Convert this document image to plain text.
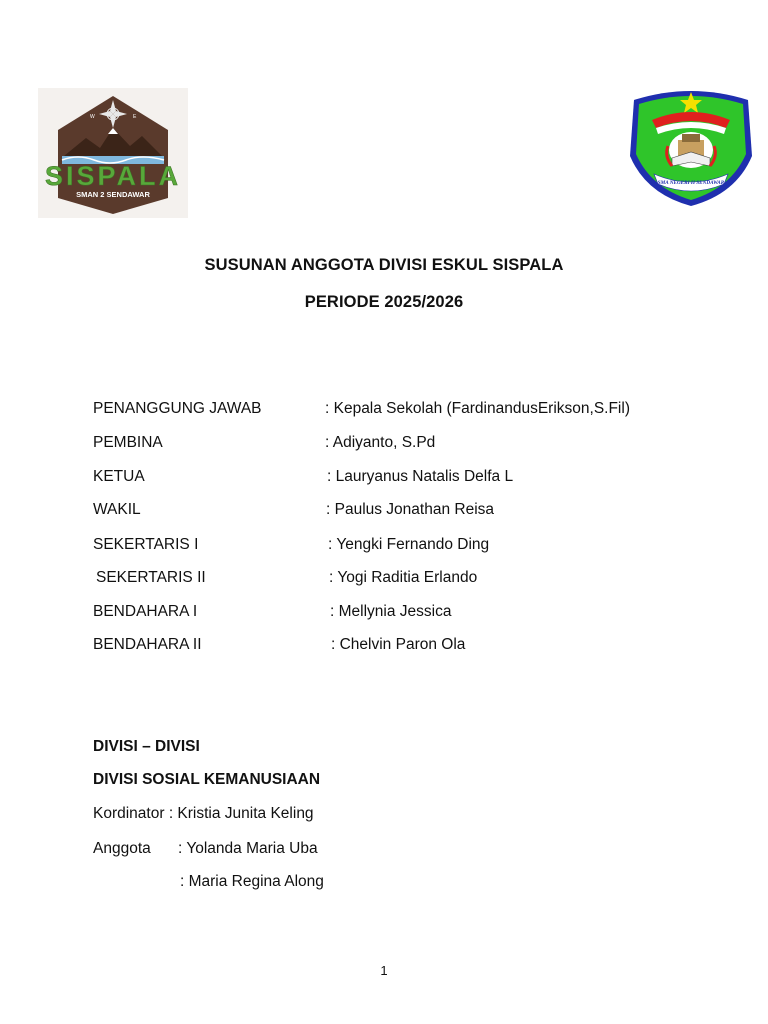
W	E
SISPALA
SMAN 2 SENDAWAR
SMA NEGERI II SENDAWAR
SUSUNAN ANGGOTA DIVISI ESKUL SISPALA
PERIODE 2025/2026
PENANGGUNG JAWAB	: Kepala Sekolah (FardinandusErikson,S.Fil)
PEMBINA	: Adiyanto, S.Pd
KETUA	: Lauryanus Natalis Delfa L
WAKIL	: Paulus Jonathan Reisa
SEKERTARIS I	: Yengki Fernando Ding
SEKERTARIS II	: Yogi Raditia Erlando
BENDAHARA I	: Mellynia Jessica
BENDAHARA II	: Chelvin Paron Ola
DIVISI – DIVISI
DIVISI SOSIAL KEMANUSIAAN
Kordinator : Kristia Junita Keling
Anggota : Yolanda Maria Uba
: Maria Regina Along
1
